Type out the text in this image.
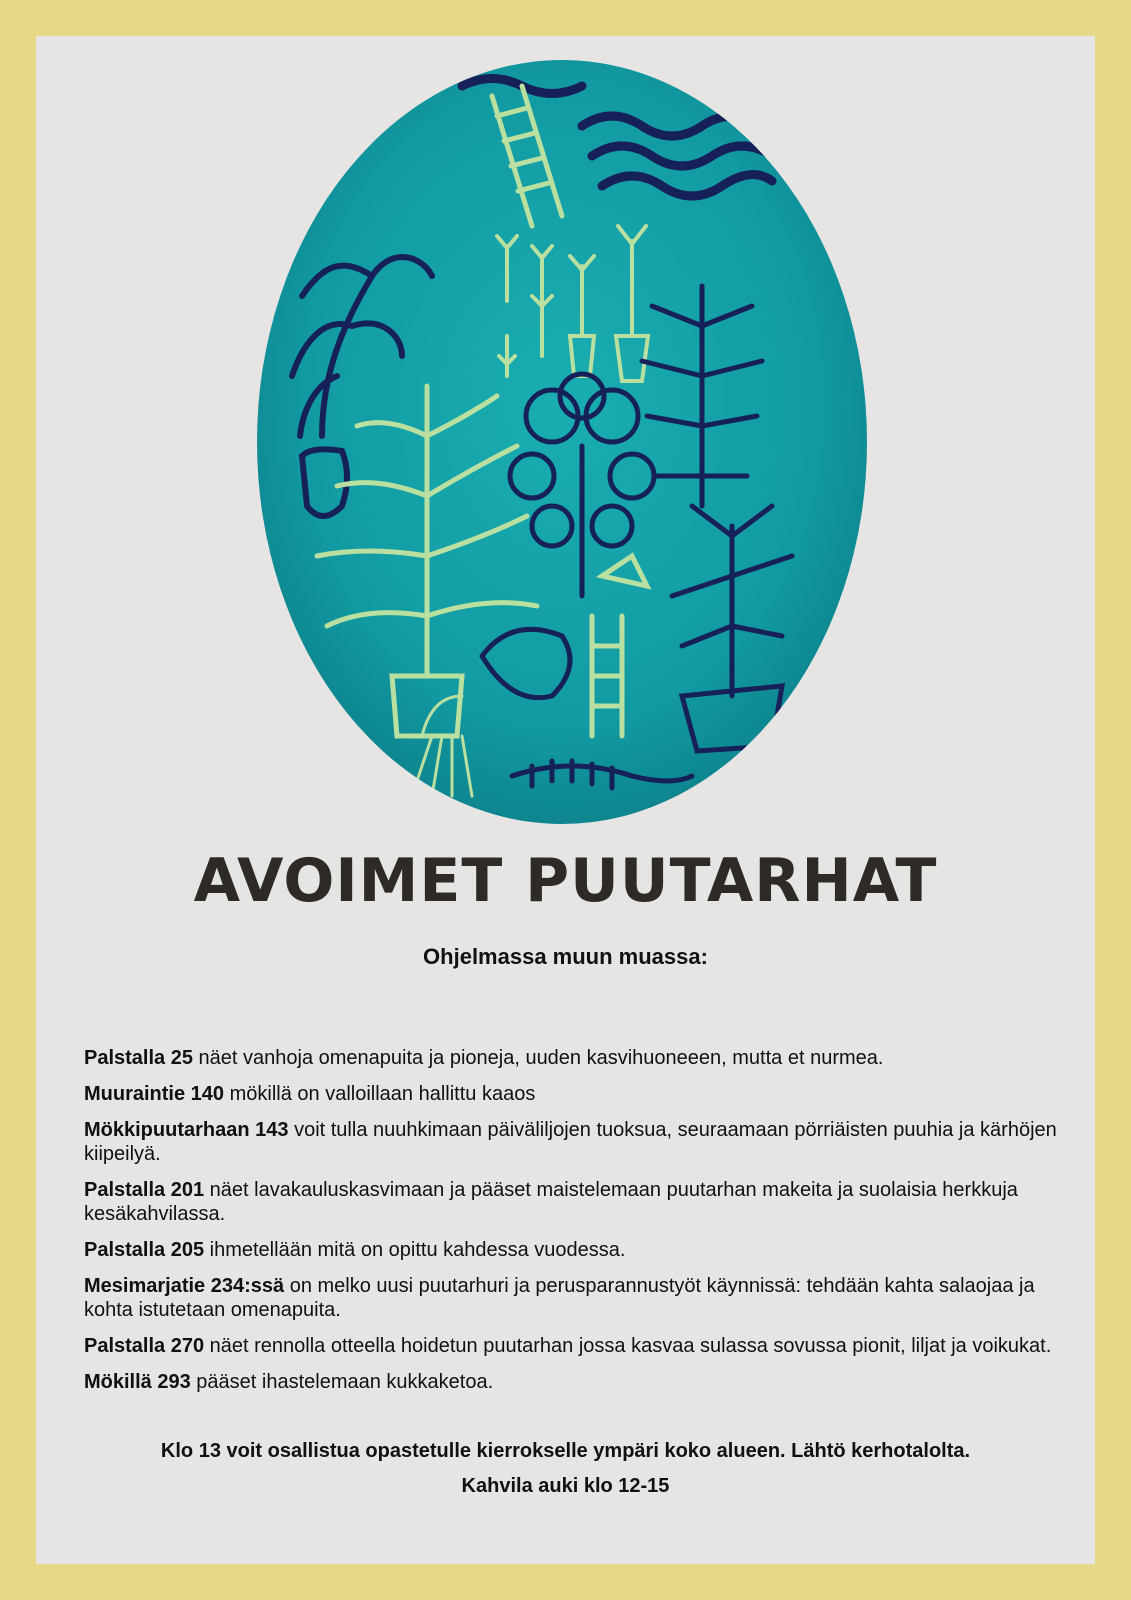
AVOIMET PUUTARHAT
Ohjelmassa muun muassa:
Palstalla 25 näet vanhoja omenapuita ja pioneja, uuden kasvihuoneeen, mutta et nurmea.
Muuraintie 140 mökillä on valloillaan hallittu kaaos
Mökkipuutarhaan 143 voit tulla nuuhkimaan päiväliljojen tuoksua, seuraamaan pörriäisten puuhia ja kärhöjen kiipeilyä.
Palstalla 201 näet lavakauluskasvimaan ja pääset maistelemaan puutarhan makeita ja suolaisia herkkuja kesäkahvilassa.
Palstalla 205 ihmetellään mitä on opittu kahdessa vuodessa.
Mesimarjatie 234:ssä on melko uusi puutarhuri ja perusparannustyöt käynnissä: tehdään kahta salaojaa ja kohta istutetaan omenapuita.
Palstalla 270 näet rennolla otteella hoidetun puutarhan jossa kasvaa sulassa sovussa pionit, liljat ja voikukat.
Mökillä 293 pääset ihastelemaan kukkaketoa.
Klo 13 voit osallistua opastetulle kierrokselle ympäri koko alueen. Lähtö kerhotalolta.
Kahvila auki klo 12-15
